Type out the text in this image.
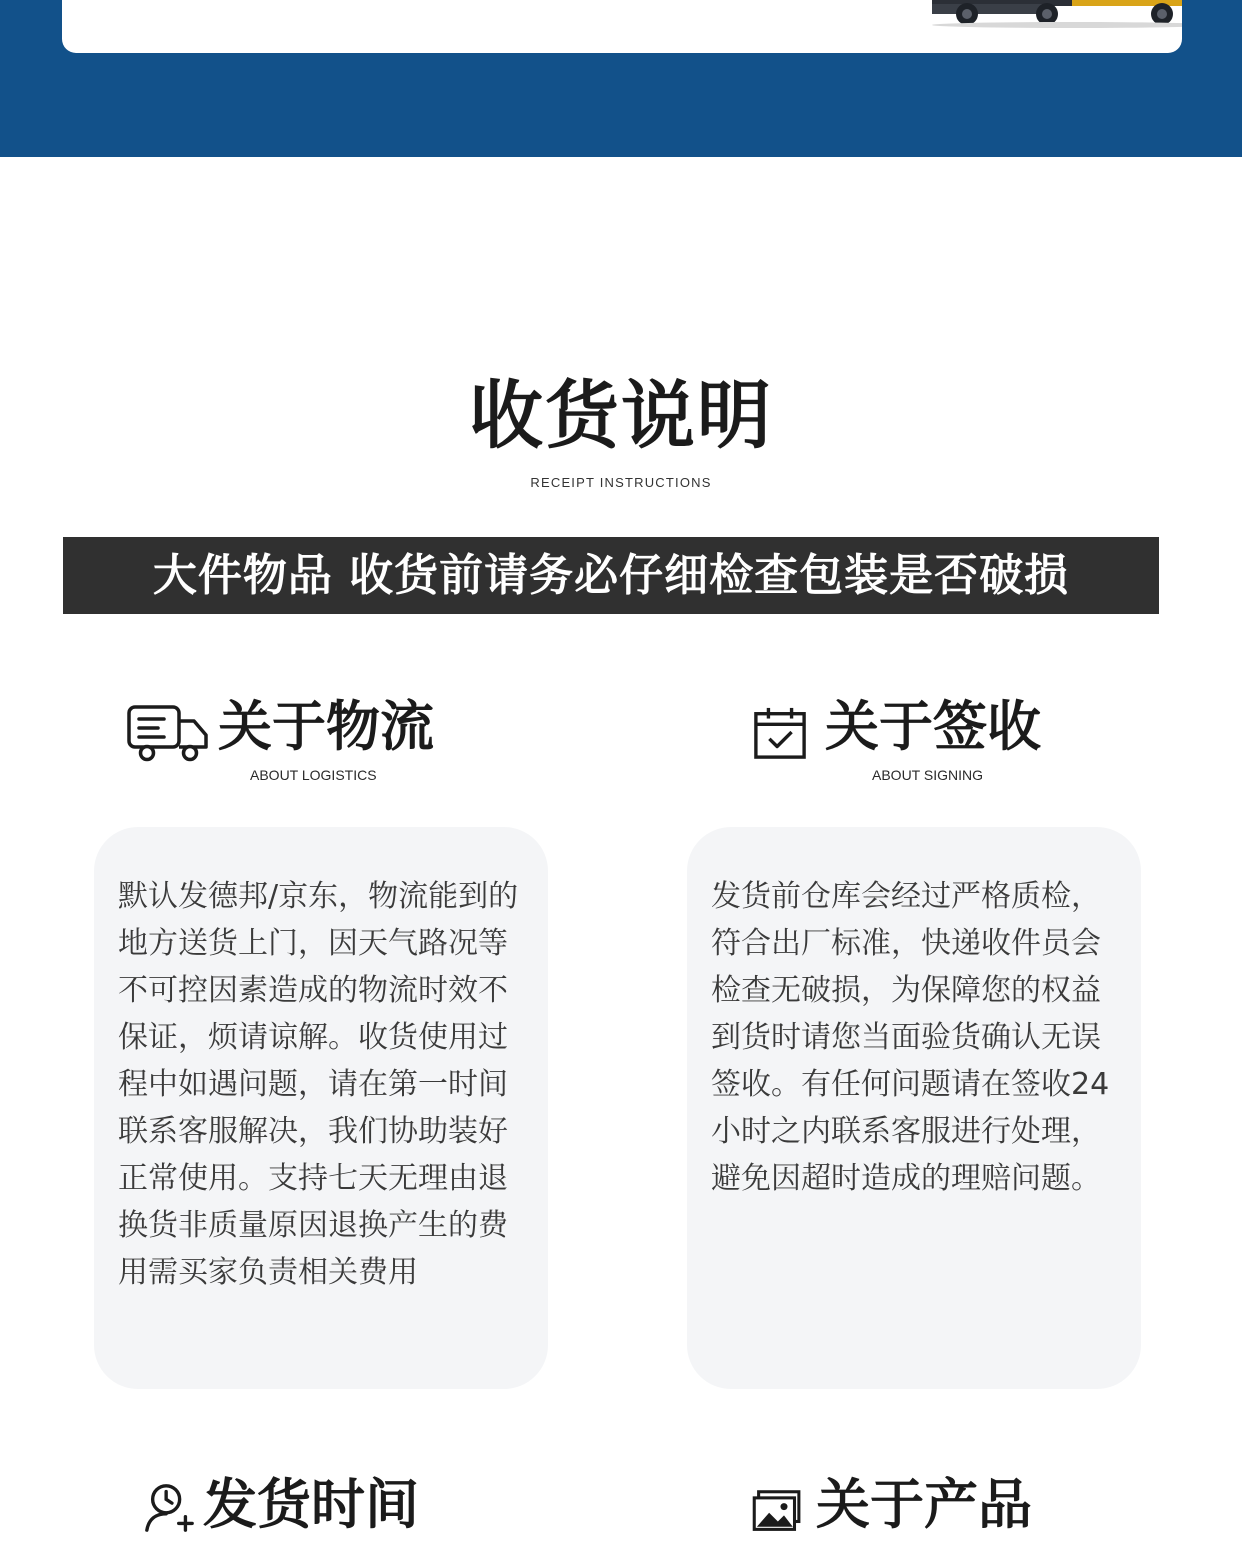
收货说明
RECEIPT INSTRUCTIONS
大件物品 收货前请务必仔细检查包装是否破损
关于物流
ABOUT LOGISTICS
关于签收
ABOUT SIGNING
默认发德邦/京东，物流能到的地方送货上门，因天气路况等不可控因素造成的物流时效不保证，烦请谅解。收货使用过程中如遇问题，请在第一时间联系客服解决，我们协助装好正常使用。支持七天无理由退换货非质量原因退换产生的费用需买家负责相关费用
发货前仓库会经过严格质检，符合出厂标准，快递收件员会检查无破损，为保障您的权益到货时请您当面验货确认无误签收。有任何问题请在签收24小时之内联系客服进行处理，避免因超时造成的理赔问题。
发货时间	关于产品
